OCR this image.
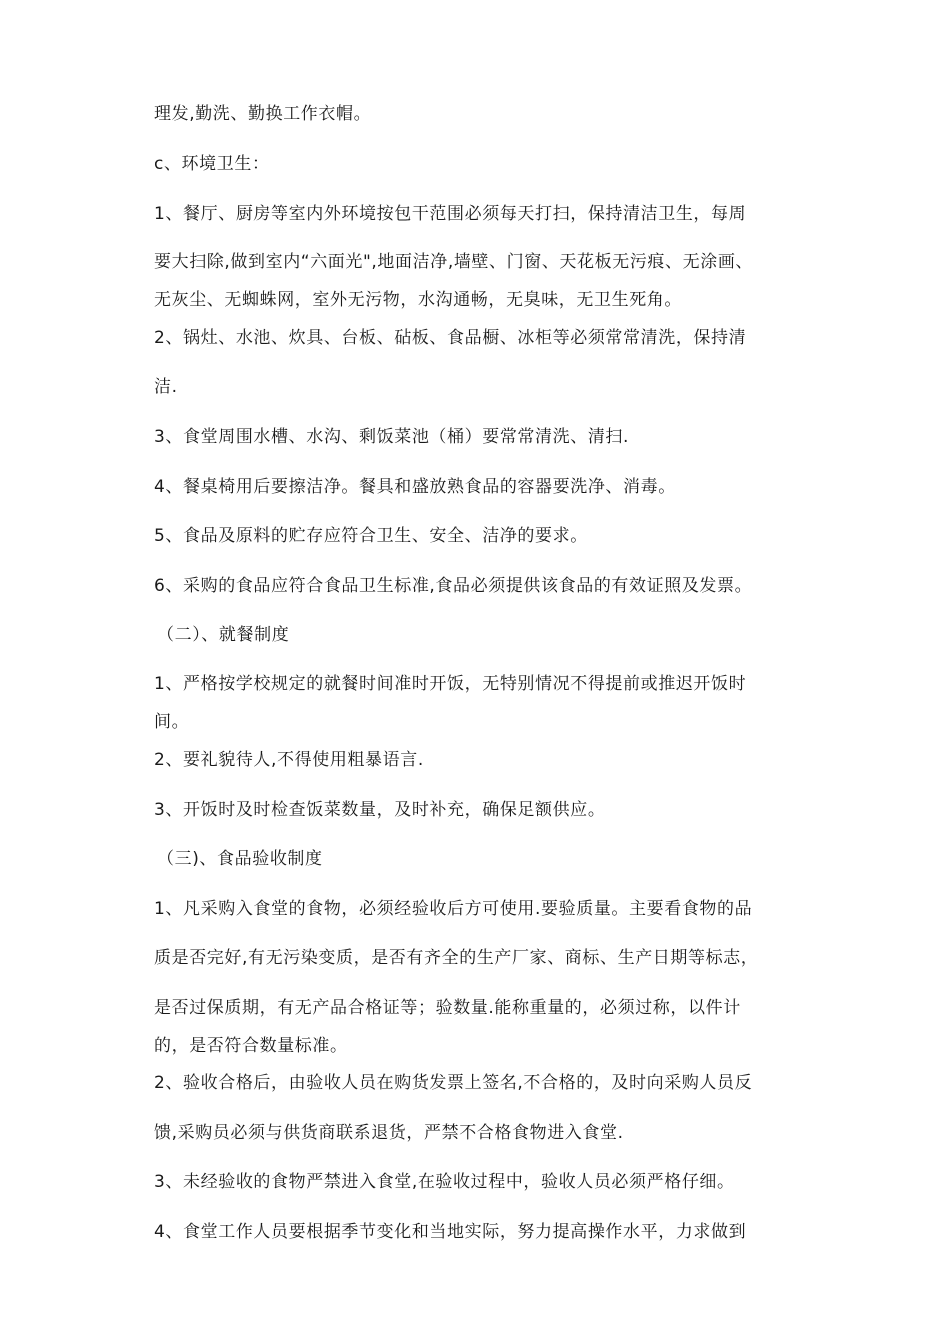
理发,勤洗、勤换工作衣帽。

c、环境卫生：

1、餐厅、厨房等室内外环境按包干范围必须每天打扫，保持清洁卫生，每周

要大扫除,做到室内“六面光",地面洁净,墙壁、门窗、天花板无污痕、无涂画、

无灰尘、无蜘蛛网，室外无污物，水沟通畅，无臭味，无卫生死角。

2、锅灶、水池、炊具、台板、砧板、食品橱、冰柜等必须常常清洗，保持清

洁.

3、食堂周围水槽、水沟、剩饭菜池（桶）要常常清洗、清扫.

4、餐桌椅用后要擦洁净。餐具和盛放熟食品的容器要洗净、消毒。

5、食品及原料的贮存应符合卫生、安全、洁净的要求。

6、采购的食品应符合食品卫生标准,食品必须提供该食品的有效证照及发票。

（二）、就餐制度

1、严格按学校规定的就餐时间准时开饭，无特别情况不得提前或推迟开饭时

间。

2、要礼貌待人,不得使用粗暴语言.

3、开饭时及时检查饭菜数量，及时补充，确保足额供应。

（三)、食品验收制度

1、凡采购入食堂的食物，必须经验收后方可使用.要验质量。主要看食物的品

质是否完好,有无污染变质，是否有齐全的生产厂家、商标、生产日期等标志，

是否过保质期，有无产品合格证等；验数量.能称重量的，必须过称，以件计

的，是否符合数量标准。

2、验收合格后，由验收人员在购货发票上签名,不合格的，及时向采购人员反

馈,采购员必须与供货商联系退货，严禁不合格食物进入食堂.

3、未经验收的食物严禁进入食堂,在验收过程中，验收人员必须严格仔细。

4、食堂工作人员要根据季节变化和当地实际，努力提高操作水平，力求做到
